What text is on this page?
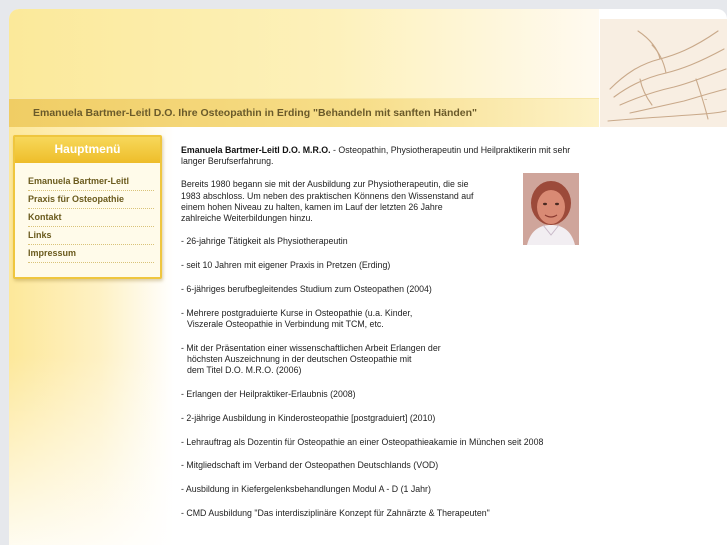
~
Emanuela Bartmer-Leitl D.O. Ihre Osteopathin in Erding "Behandeln mit sanften Händen"
Hauptmenü
Emanuela Bartmer-Leitl
Praxis für Osteopathie
Kontakt
Links
Impressum
Emanuela Bartmer-Leitl D.O. M.R.O. - Osteopathin, Physiotherapeutin und Heilpraktikerin mit sehr langer Berufserfahrung.
Bereits 1980 begann sie mit der Ausbildung zur Physiotherapeutin, die sie 1983 abschloss. Um neben des praktischen Könnens den Wissenstand auf einem hohen Niveau zu halten, kamen im Lauf der letzten 26 Jahre zahlreiche Weiterbildungen hinzu.
- 26-jahrige Tätigkeit als Physiotherapeutin
- seit 10 Jahren mit eigener Praxis in Pretzen (Erding)
- 6-jähriges berufbegleitendes Studium zum Osteopathen (2004)
- Mehrere postgraduierte Kurse in Osteopathie (u.a. Kinder,
Viszerale Osteopathie in Verbindung mit TCM, etc.
- Mit der Präsentation einer wissenschaftlichen Arbeit Erlangen der
höchsten Auszeichnung in der deutschen Osteopathie mit
dem Titel D.O. M.R.O. (2006)
- Erlangen der Heilpraktiker-Erlaubnis (2008)
- 2-jährige Ausbildung in Kinderosteopathie [postgraduiert] (2010)
- Lehrauftrag als Dozentin für Osteopathie an einer Osteopathieakamie in München seit 2008
- Mitgliedschaft im Verband der Osteopathen Deutschlands (VOD)
- Ausbildung in Kiefergelenksbehandlungen Modul A - D (1 Jahr)
- CMD Ausbildung "Das interdisziplinäre Konzept für Zahnärzte & Therapeuten"
